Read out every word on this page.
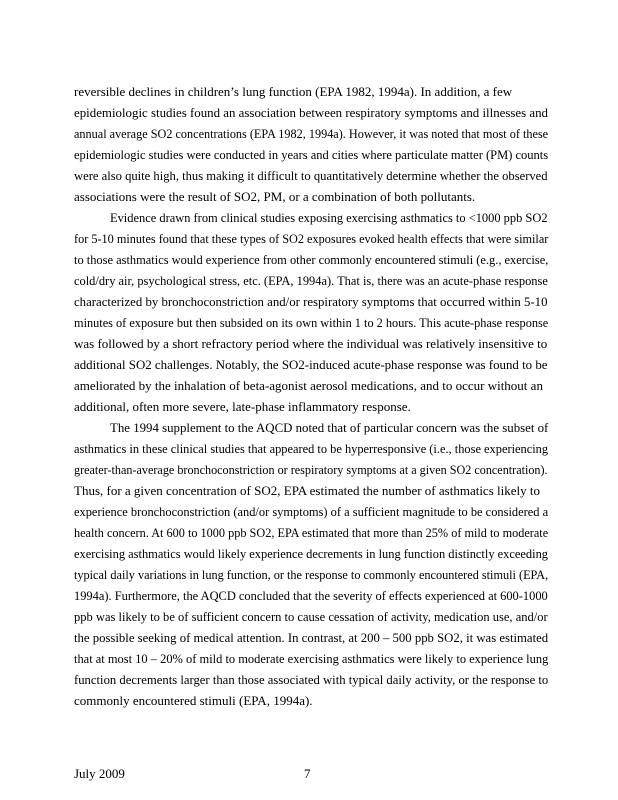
reversible declines in children’s lung function (EPA 1982, 1994a). In addition, a few
epidemiologic studies found an association between respiratory symptoms and illnesses and
annual average SO2 concentrations (EPA 1982, 1994a). However, it was noted that most of these
epidemiologic studies were conducted in years and cities where particulate matter (PM) counts
were also quite high, thus making it difficult to quantitatively determine whether the observed
associations were the result of SO2, PM, or a combination of both pollutants.
Evidence drawn from clinical studies exposing exercising asthmatics to <1000 ppb SO2
for 5-10 minutes found that these types of SO2 exposures evoked health effects that were similar
to those asthmatics would experience from other commonly encountered stimuli (e.g., exercise,
cold/dry air, psychological stress, etc. (EPA, 1994a). That is, there was an acute-phase response
characterized by bronchoconstriction and/or respiratory symptoms that occurred within 5-10
minutes of exposure but then subsided on its own within 1 to 2 hours. This acute-phase response
was followed by a short refractory period where the individual was relatively insensitive to
additional SO2 challenges. Notably, the SO2-induced acute-phase response was found to be
ameliorated by the inhalation of beta-agonist aerosol medications, and to occur without an
additional, often more severe, late-phase inflammatory response.
The 1994 supplement to the AQCD noted that of particular concern was the subset of
asthmatics in these clinical studies that appeared to be hyperresponsive (i.e., those experiencing
greater-than-average bronchoconstriction or respiratory symptoms at a given SO2 concentration).
Thus, for a given concentration of SO2, EPA estimated the number of asthmatics likely to
experience bronchoconstriction (and/or symptoms) of a sufficient magnitude to be considered a
health concern. At 600 to 1000 ppb SO2, EPA estimated that more than 25% of mild to moderate
exercising asthmatics would likely experience decrements in lung function distinctly exceeding
typical daily variations in lung function, or the response to commonly encountered stimuli (EPA,
1994a). Furthermore, the AQCD concluded that the severity of effects experienced at 600-1000
ppb was likely to be of sufficient concern to cause cessation of activity, medication use, and/or
the possible seeking of medical attention. In contrast, at 200 – 500 ppb SO2, it was estimated
that at most 10 – 20% of mild to moderate exercising asthmatics were likely to experience lung
function decrements larger than those associated with typical daily activity, or the response to
commonly encountered stimuli (EPA, 1994a).
July 2009	7
